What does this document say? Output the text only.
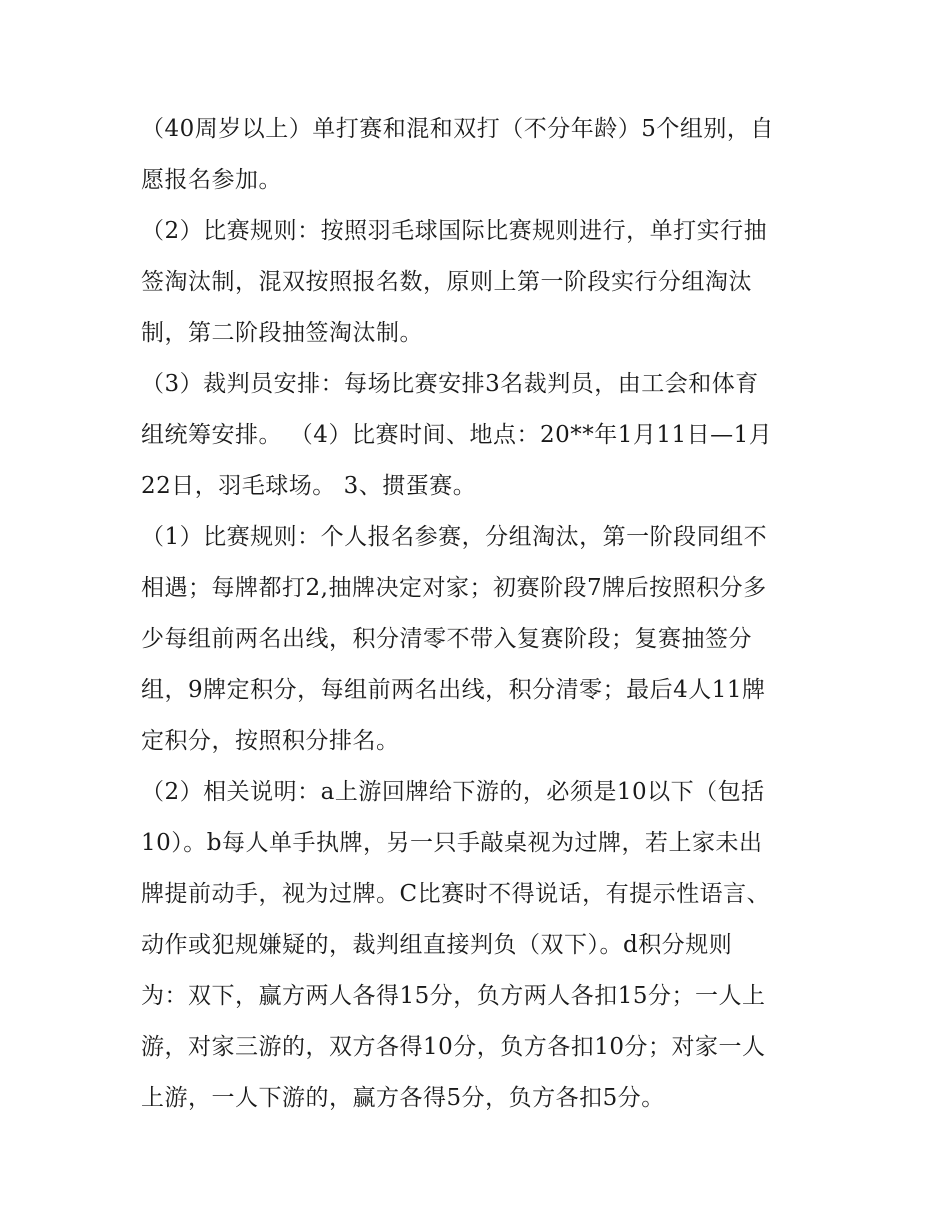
（40周岁以上）单打赛和混和双打（不分年龄）5个组别，自
愿报名参加。
（2）比赛规则：按照羽毛球国际比赛规则进行，单打实行抽
签淘汰制，混双按照报名数，原则上第一阶段实行分组淘汰
制，第二阶段抽签淘汰制。
（3）裁判员安排：每场比赛安排3名裁判员，由工会和体育
组统筹安排。 （4）比赛时间、地点：20**年1月11日—1月
22日，羽毛球场。 3、掼蛋赛。
（1）比赛规则：个人报名参赛，分组淘汰，第一阶段同组不
相遇；每牌都打2,抽牌决定对家；初赛阶段7牌后按照积分多
少每组前两名出线，积分清零不带入复赛阶段；复赛抽签分
组，9牌定积分，每组前两名出线，积分清零；最后4人11牌
定积分，按照积分排名。
（2）相关说明：a上游回牌给下游的，必须是10以下（包括
10）。b每人单手执牌，另一只手敲桌视为过牌，若上家未出
牌提前动手，视为过牌。C比赛时不得说话，有提示性语言、
动作或犯规嫌疑的，裁判组直接判负（双下）。d积分规则
为：双下，赢方两人各得15分，负方两人各扣15分；一人上
游，对家三游的，双方各得10分，负方各扣10分；对家一人
上游，一人下游的，赢方各得5分，负方各扣5分。
